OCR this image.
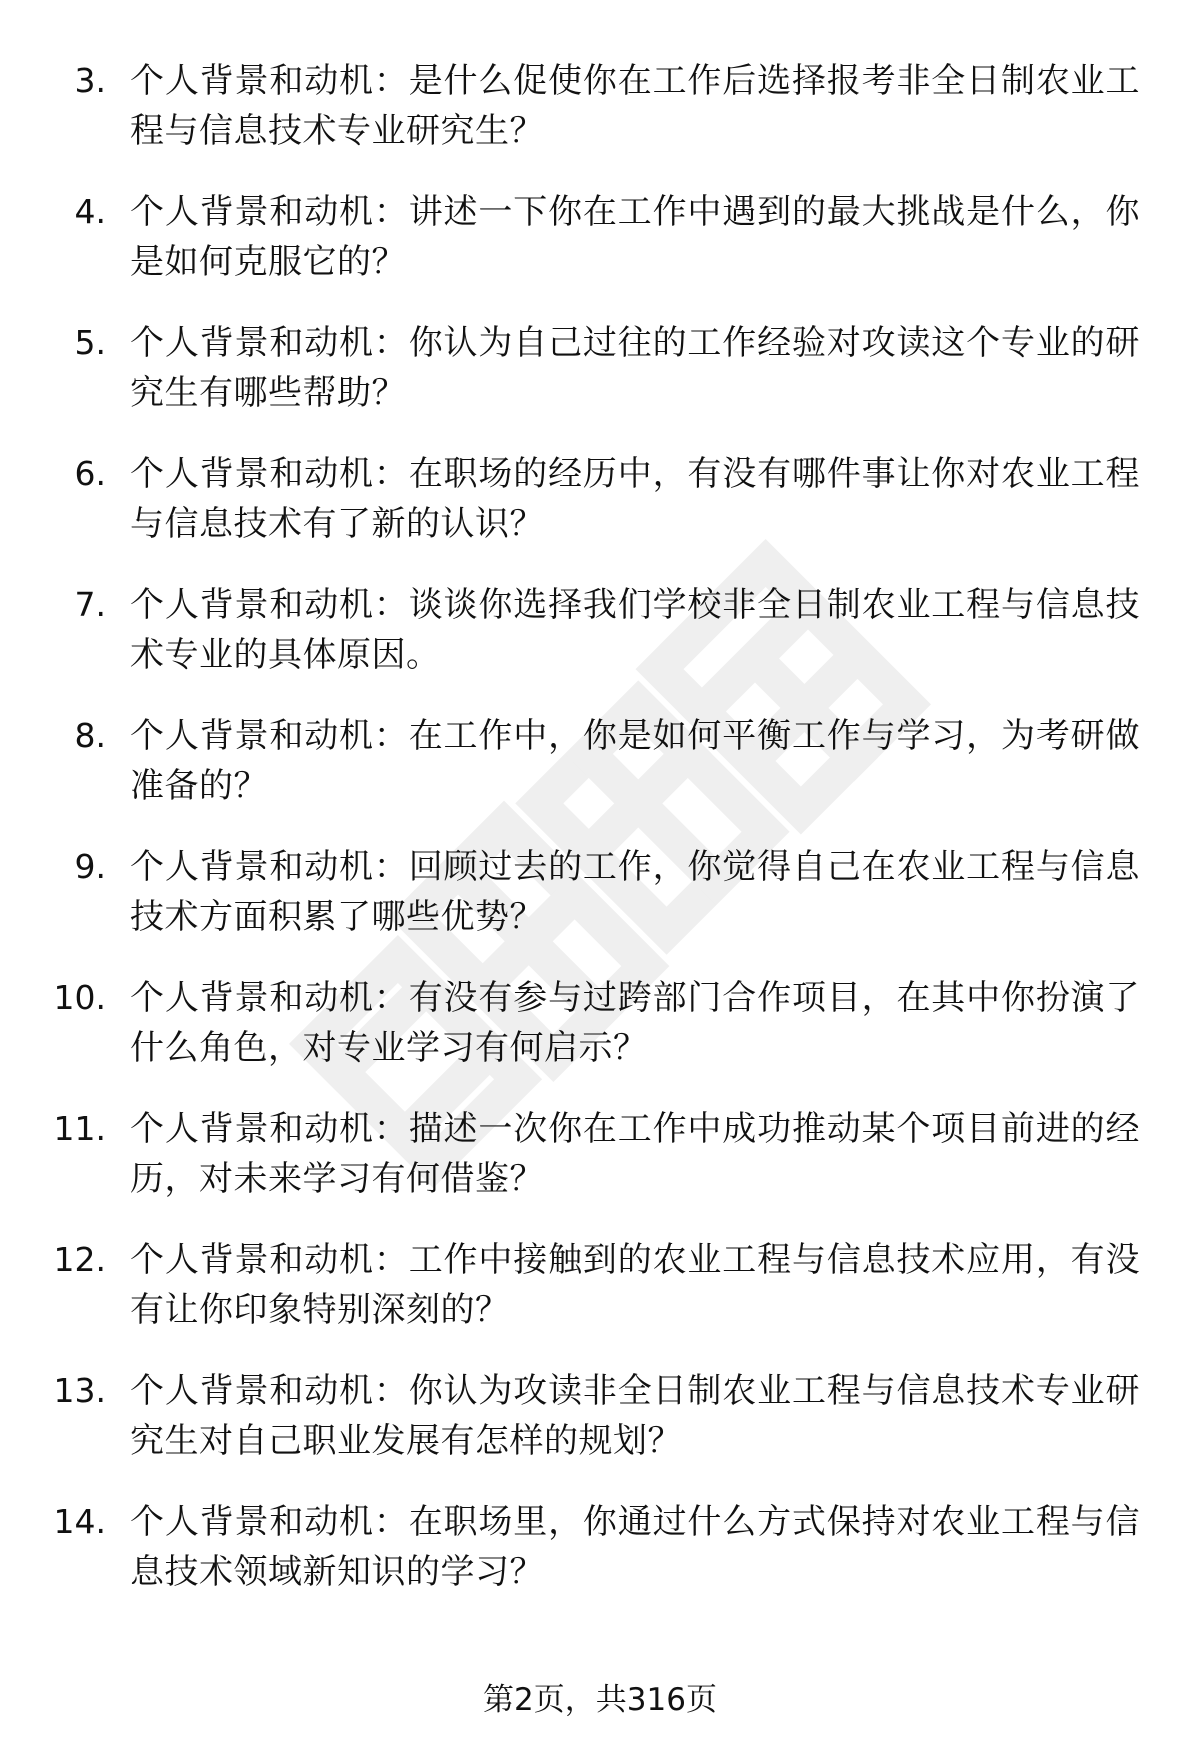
3. 个人背景和动机：是什么促使你在工作后选择报考非全日制农业工程与信息技术专业研究生？
4. 个人背景和动机：讲述一下你在工作中遇到的最大挑战是什么，你是如何克服它的？
5. 个人背景和动机：你认为自己过往的工作经验对攻读这个专业的研究生有哪些帮助？
6. 个人背景和动机：在职场的经历中，有没有哪件事让你对农业工程与信息技术有了新的认识？
7. 个人背景和动机：谈谈你选择我们学校非全日制农业工程与信息技术专业的具体原因。
8. 个人背景和动机：在工作中，你是如何平衡工作与学习，为考研做准备的？
9. 个人背景和动机：回顾过去的工作，你觉得自己在农业工程与信息技术方面积累了哪些优势？
10. 个人背景和动机：有没有参与过跨部门合作项目，在其中你扮演了什么角色，对专业学习有何启示？
11. 个人背景和动机：描述一次你在工作中成功推动某个项目前进的经历，对未来学习有何借鉴？
12. 个人背景和动机：工作中接触到的农业工程与信息技术应用，有没有让你印象特别深刻的？
13. 个人背景和动机：你认为攻读非全日制农业工程与信息技术专业研究生对自己职业发展有怎样的规划？
14. 个人背景和动机：在职场里，你通过什么方式保持对农业工程与信息技术领域新知识的学习？
第2页，共316页
